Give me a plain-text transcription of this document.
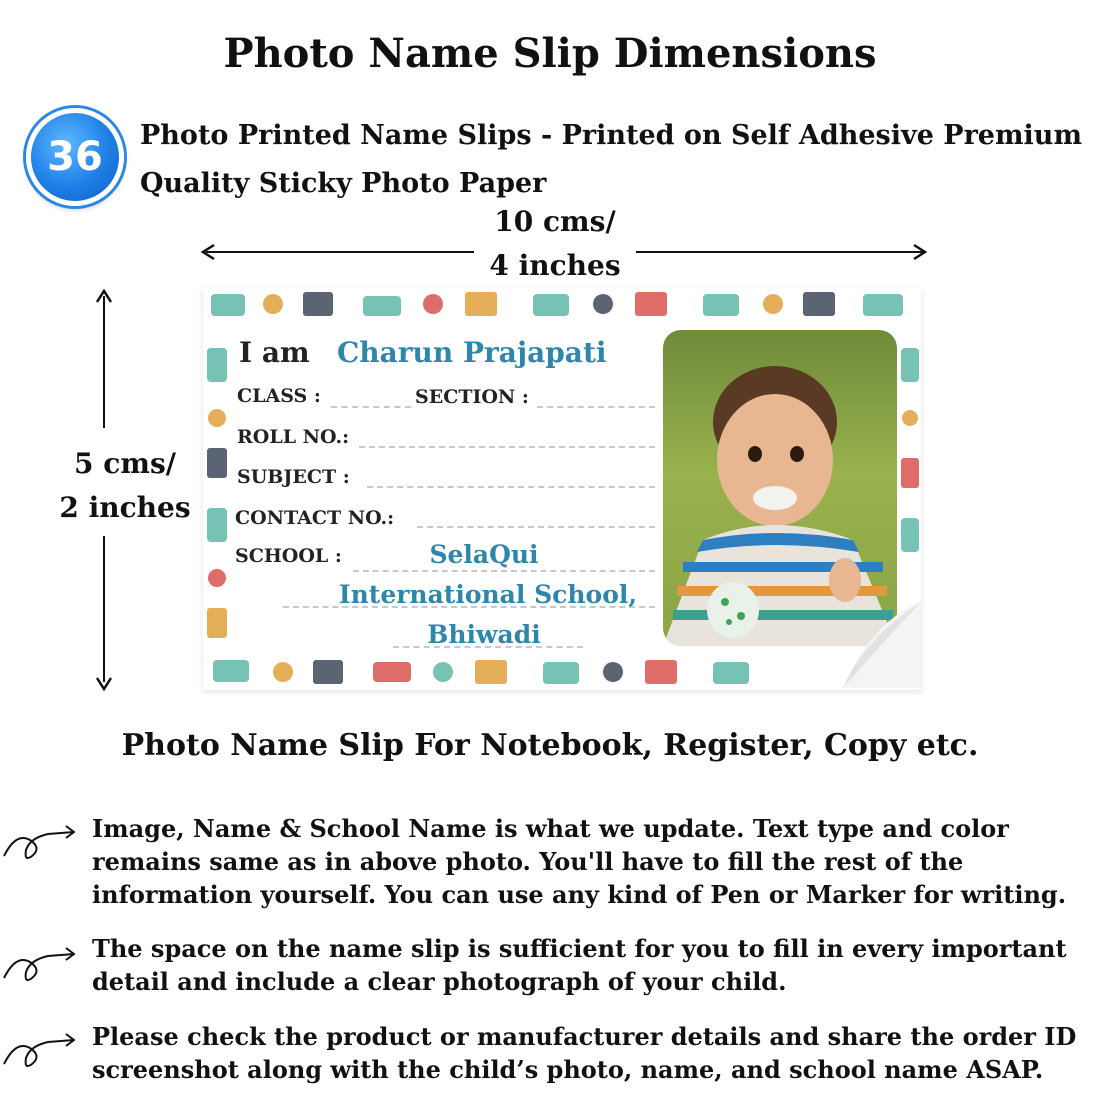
Photo Name Slip Dimensions
36 Photo Printed Name Slips - Printed on Self Adhesive Premium
Quality Sticky Photo Paper
10 cms/
4 inches
5 cms/
2 inches
I am Charun Prajapati
CLASS :	SECTION :
ROLL NO.:
SUBJECT :
CONTACT NO.:
SCHOOL :	SelaQui
International School,
Bhiwadi
Photo Name Slip For Notebook, Register, Copy etc.
Image, Name & School Name is what we update. Text type and color
remains same as in above photo. You'll have to fill the rest of the
information yourself. You can use any kind of Pen or Marker for writing.
The space on the name slip is sufficient for you to fill in every important
detail and include a clear photograph of your child.
Please check the product or manufacturer details and share the order ID
screenshot along with the child’s photo, name, and school name ASAP.
